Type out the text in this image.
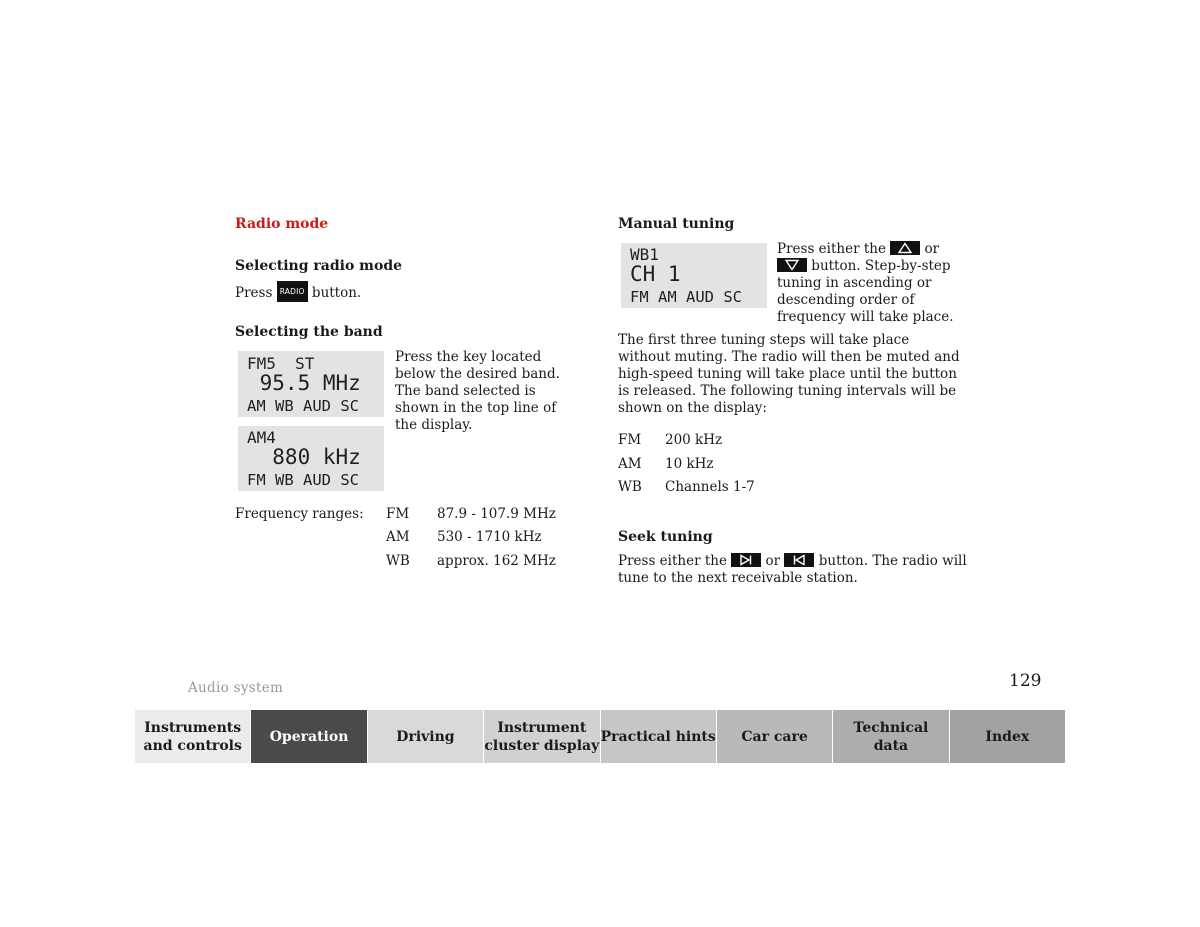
Radio mode
Selecting radio mode
Press RADIO button.
Selecting the band

FM5  ST

95.5 MHz

AM WB AUD SC

Press the key located below the desired band. The band selected is shown in the top line of the display.

AM4

880 kHz

FM WB AUD SC

Frequency ranges: FM 87.9 - 107.9 MHz
AM 530 - 1710 kHz
WB approx. 162 MHz
Manual tuning

WB1

CH 1

FM AM AUD SC

Press either the	or
button. Step-by-step tuning in ascending or descending order of frequency will take place.
The first three tuning steps will take place without muting. The radio will then be muted and high-speed tuning will take place until the button is released. The following tuning intervals will be shown on the display:
FM 200 kHz
AM 10 kHz
WB Channels 1-7
Seek tuning
Press either the	or	button. The radio will tune to the next receivable station.
Audio system	129
Instruments
and controls
Operation	Driving
Instrument
cluster display
Practical hints Car care
Technical
data
Index
